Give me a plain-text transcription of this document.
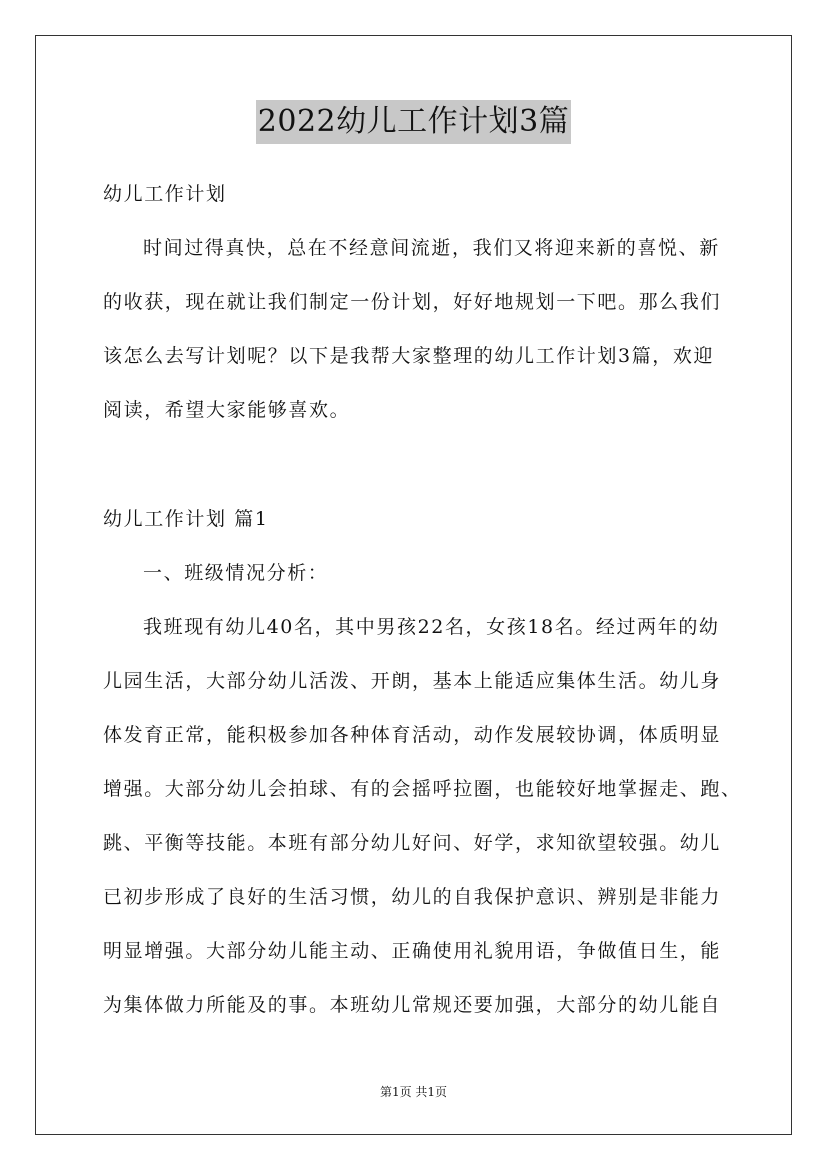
2022幼儿工作计划3篇
幼儿工作计划
时间过得真快，总在不经意间流逝，我们又将迎来新的喜悦、新
的收获，现在就让我们制定一份计划，好好地规划一下吧。那么我们
该怎么去写计划呢？以下是我帮大家整理的幼儿工作计划3篇，欢迎
阅读，希望大家能够喜欢。
幼儿工作计划 篇1
一、班级情况分析：
我班现有幼儿40名，其中男孩22名，女孩18名。经过两年的幼
儿园生活，大部分幼儿活泼、开朗，基本上能适应集体生活。幼儿身
体发育正常，能积极参加各种体育活动，动作发展较协调，体质明显
增强。大部分幼儿会拍球、有的会摇呼拉圈，也能较好地掌握走、跑、
跳、平衡等技能。本班有部分幼儿好问、好学，求知欲望较强。幼儿
已初步形成了良好的生活习惯，幼儿的自我保护意识、辨别是非能力
明显增强。大部分幼儿能主动、正确使用礼貌用语，争做值日生，能
为集体做力所能及的事。本班幼儿常规还要加强，大部分的幼儿能自
第1页 共1页
